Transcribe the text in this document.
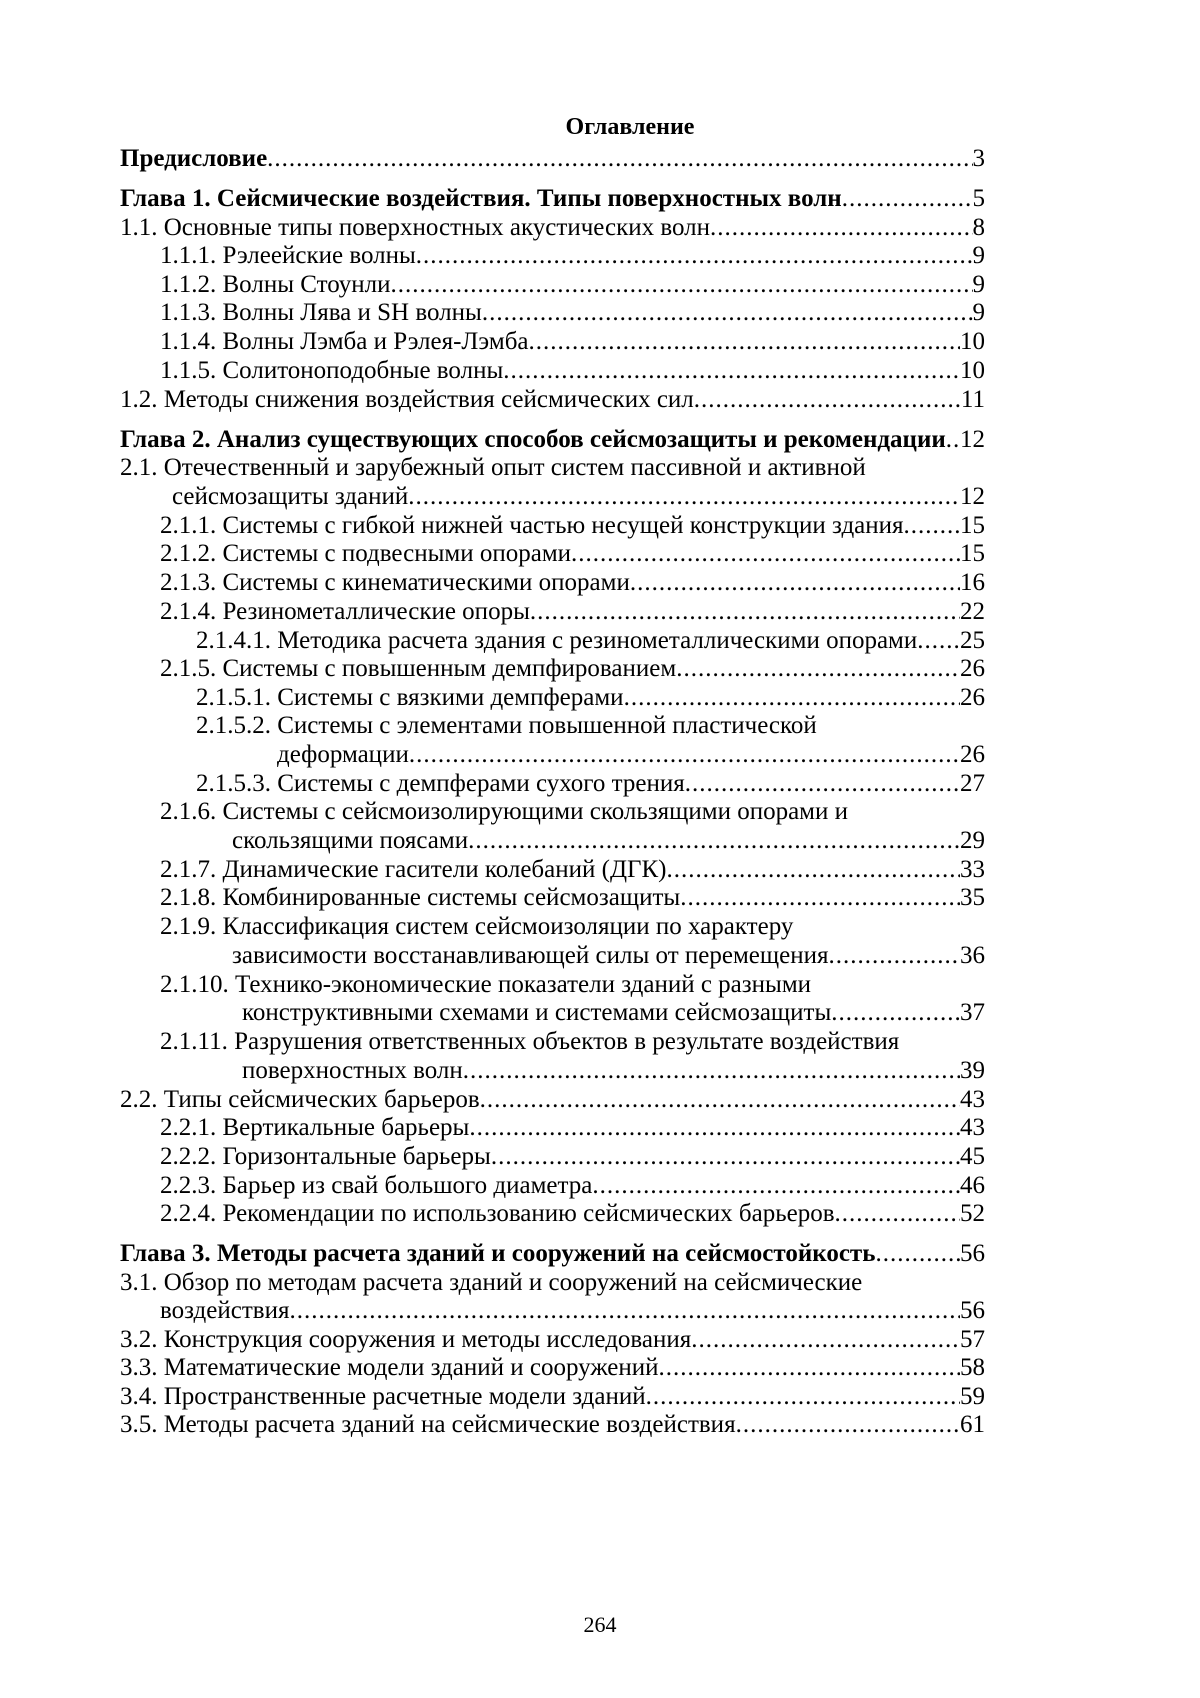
Оглавление
Предисловие .....	3
Глава 1. Сейсмические воздействия. Типы поверхностных волн .....	5
1.1. Основные типы поверхностных акустических волн .....	8
1.1.1. Рэлеейские волны .....	9
1.1.2. Волны Стоунли .....	9
1.1.3. Волны Лява и SH волны .....	9
1.1.4. Волны Лэмба и Рэлея-Лэмба .....	10
1.1.5. Солитоноподобные волны .....	10
1.2. Методы снижения воздействия сейсмических сил .....	11
Глава 2. Анализ существующих способов сейсмозащиты и рекомендации ..... 12
2.1. Отечественный и зарубежный опыт систем пассивной и активной
сейсмозащиты зданий .....	12
2.1.1. Системы с гибкой нижней частью несущей конструкции здания ..... 15
2.1.2. Системы с подвесными опорами .....	15
2.1.3. Системы с кинематическими опорами .....	16
2.1.4. Резинометаллические опоры .....	22
2.1.4.1. Методика расчета здания с резинометаллическими опорами ..... 25
2.1.5. Системы с повышенным демпфированием .....	26
2.1.5.1. Системы с вязкими демпферами .....	26
2.1.5.2. Системы с элементами повышенной пластической
деформации .....	26
2.1.5.3. Системы с демпферами сухого трения .....	27
2.1.6. Системы с сейсмоизолирующими скользящими опорами и
скользящими поясами .....	29
2.1.7. Динамические гасители колебаний (ДГК) .....	33
2.1.8. Комбинированные системы сейсмозащиты .....	35
2.1.9. Классификация систем сейсмоизоляции по характеру
зависимости восстанавливающей силы от перемещения .....	36
2.1.10. Технико-экономические показатели зданий с разными
конструктивными схемами и системами сейсмозащиты .....	37
2.1.11. Разрушения ответственных объектов в результате воздействия
поверхностных волн .....	39
2.2. Типы сейсмических барьеров .....	43
2.2.1. Вертикальные барьеры .....	43
2.2.2. Горизонтальные барьеры .....	45
2.2.3. Барьер из свай большого диаметра .....	46
2.2.4. Рекомендации по использованию сейсмических барьеров .....	52
Глава 3. Методы расчета зданий и сооружений на сейсмостойкость .....	56
3.1. Обзор по методам расчета зданий и сооружений на сейсмические
воздействия .....	56
3.2. Конструкция сооружения и методы исследования .....	57
3.3. Математические модели зданий и сооружений .....	58
3.4. Пространственные расчетные модели зданий .....	59
3.5. Методы расчета зданий на сейсмические воздействия .....	61
264
